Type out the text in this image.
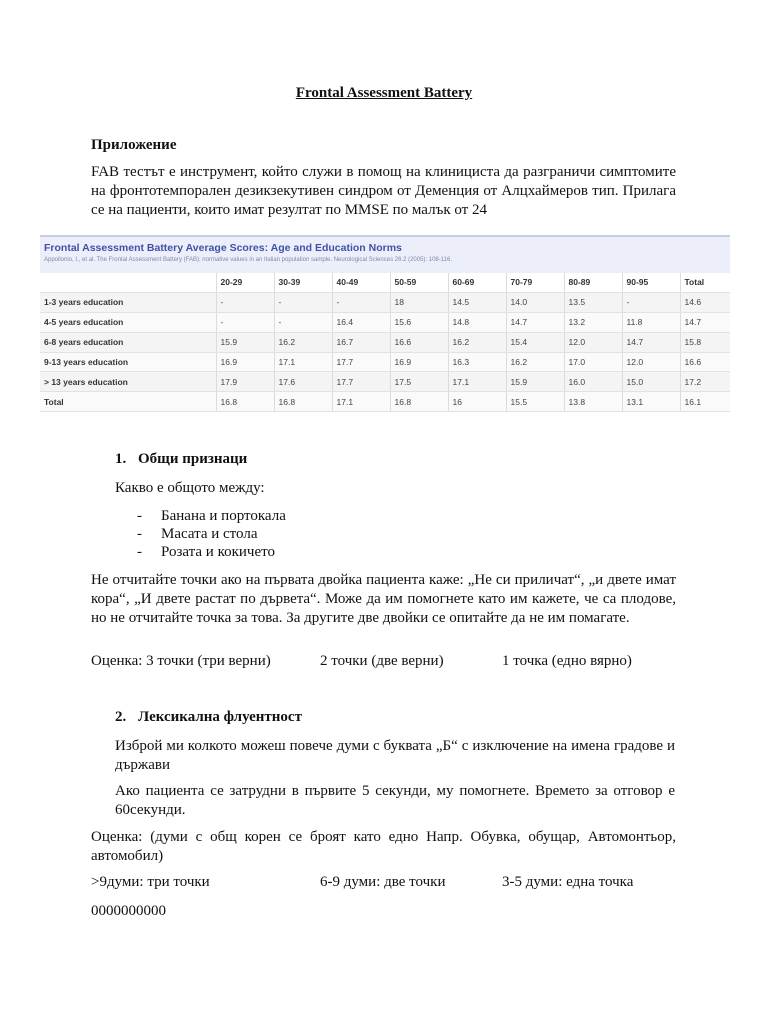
Frontal Assessment Battery
Приложение
FAB тестът е инструмент, който служи в помощ на клинициста да разграничи симптомите на фронтотемпорален дезикзекутивен синдром от Деменция от Алцхаймеров тип. Прилага се на пациенти, които имат резултат по MMSE по малък от 24
Frontal Assessment Battery Average Scores: Age and Education Norms
Appollonio, I., et al. The Frontal Assessment Battery (FAB): normative values in an Italian population sample. Neurological Sciences 26.2 (2005): 108-116.
	20-29	30-39	40-49	50-59	60-69	70-79	80-89	90-95	Total
1-3 years education	-	-	-	18	14.5	14.0	13.5	-	14.6
4-5 years education	-	-	16.4	15.6	14.8	14.7	13.2	11.8	14.7
6-8 years education	15.9	16.2	16.7	16.6	16.2	15.4	12.0	14.7	15.8
9-13 years education	16.9	17.1	17.7	16.9	16.3	16.2	17.0	12.0	16.6
> 13 years education	17.9	17.6	17.7	17.5	17.1	15.9	16.0	15.0	17.2
Total	16.8	16.8	17.1	16.8	16	15.5	13.8	13.1	16.1
1. Общи признаци
Какво е общото между:
-	Банана и портокала
-	Масата и стола
-	Розата и кокичето
Не отчитайте точки ако на първата двойка пациента каже: „Не си приличат“, „и двете имат кора“, „И двете растат по дърветa“. Може да им помогнете като им кажете, че са плодове, но не отчитайте точка за това. За другите две двойки се опитайте да не им помагате.
Оценка: 3 точки (три верни)	2 точки (две верни)	1 точка (едно вярно)
2. Лексикална флуентност
Изброй ми колкото можеш повече думи с буквата „Б“ с изключение на имена градове и държави
Ако пациента се затрудни в първите 5 секунди, му помогнете. Времето за отговор е 60секунди.
Оценка: (думи с общ корен се броят като едно Напр. Обувка, обущар, Автомонтьор, автомобил)
>9думи: три точки	6-9 думи: две точки	3-5 думи: една точка
0000000000
